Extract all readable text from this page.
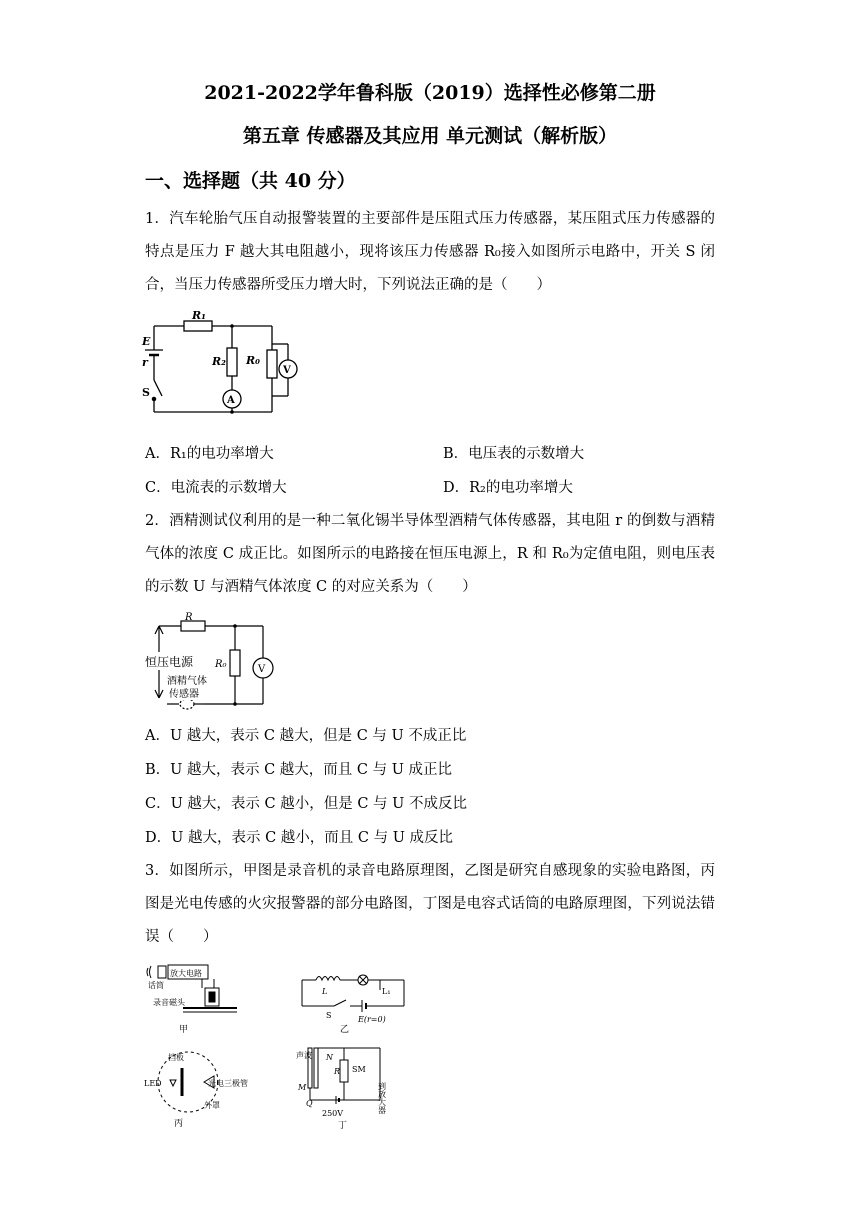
2021-2022学年鲁科版（2019）选择性必修第二册
第五章 传感器及其应用 单元测试（解析版）
一、选择题（共 40 分）
1．汽车轮胎气压自动报警装置的主要部件是压阻式压力传感器，某压阻式压力传感器的特点是压力 F 越大其电阻越小，现将该压力传感器 R₀接入如图所示电路中，开关 S 闭合，当压力传感器所受压力增大时，下列说法正确的是（　　）
R₁
E
r
S
R₂ R₀
A
V
A．R₁的电功率增大	B．电压表的示数增大
C．电流表的示数增大	D．R₂的电功率增大
2．酒精测试仪利用的是一种二氧化锡半导体型酒精气体传感器，其电阻 r 的倒数与酒精气体的浓度 C 成正比。如图所示的电路接在恒压电源上，R 和 R₀为定值电阻，则电压表的示数 U 与酒精气体浓度 C 的对应关系为（　　）
R
R₀	V
恒压电源
酒精气体
传感器
A．U 越大，表示 C 越大，但是 C 与 U 不成正比
B．U 越大，表示 C 越大，而且 C 与 U 成正比
C．U 越大，表示 C 越小，但是 C 与 U 不成反比
D．U 越大，表示 C 越小，而且 C 与 U 成反比
3．如图所示，甲图是录音机的录音电路原理图，乙图是研究自感现象的实验电路图，丙图是光电传感的火灾报警器的部分电路图，丁图是电容式话筒的电路原理图，下列说法错误（　　）
放大电路
话筒
录音磁头
甲
L	L₁
S	E(r=0)
乙
挡板
LED	光电三极管
外罩
丙
声波 N
M
Q
R SM
到放大器
250V
丁
